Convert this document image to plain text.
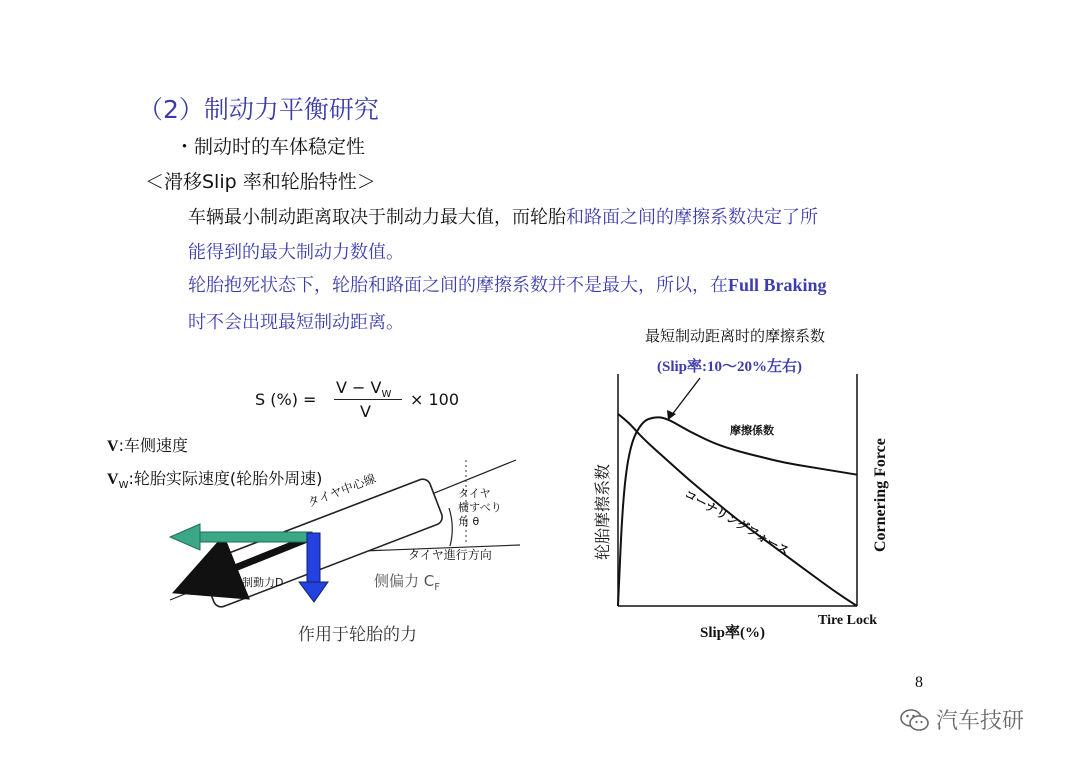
（2）制动力平衡研究
・制动时的车体稳定性
＜滑移Slip 率和轮胎特性＞
车辆最小制动距离取决于制动力最大值，而轮胎和路面之间的摩擦系数决定了所
能得到的最大制动力数值。
轮胎抱死状态下，轮胎和路面之间的摩擦系数并不是最大，所以，在Full Braking
时不会出现最短制动距离。
S (%) =
$V - V_W$
V
× 100
V:车侧速度
$V_W$:轮胎实际速度(轮胎外周速)
タイヤ中心線	タイヤ
横すべり
角 θ
タイヤ進行方向
制動力D	侧偏力 $C_F$
作用于轮胎的力
最短制动距离时的摩擦系数
(Slip率:10～20%左右)
摩擦係数
コーナリングフォース
轮胎摩擦系数	Cornering Force
Slip率(%)
Tire Lock
8
汽车技研
